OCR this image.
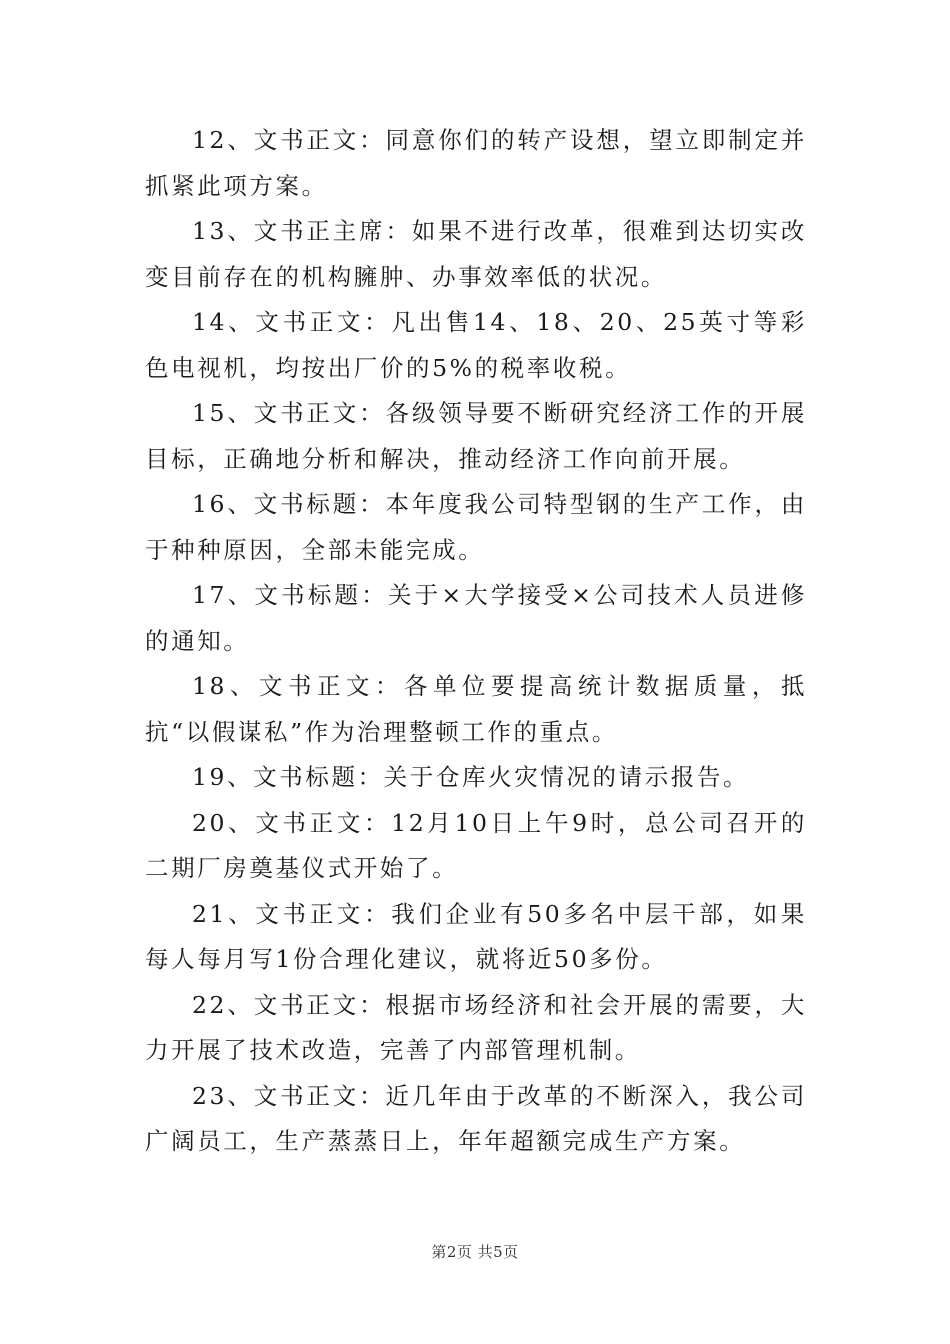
12、文书正文：同意你们的转产设想，望立即制定并抓紧此项方案。

13、文书正主席：如果不进行改革，很难到达切实改变目前存在的机构臃肿、办事效率低的状况。

14、文书正文：凡出售14、18、20、25英寸等彩色电视机，均按出厂价的5%的税率收税。

15、文书正文：各级领导要不断研究经济工作的开展目标，正确地分析和解决，推动经济工作向前开展。

16、文书标题：本年度我公司特型钢的生产工作，由于种种原因，全部未能完成。

17、文书标题：关于×大学接受×公司技术人员进修的通知。

18、文书正文：各单位要提高统计数据质量，抵抗“以假谋私”作为治理整顿工作的重点。

19、文书标题：关于仓库火灾情况的请示报告。

20、文书正文：12月10日上午9时，总公司召开的二期厂房奠基仪式开始了。

21、文书正文：我们企业有50多名中层干部，如果每人每月写1份合理化建议，就将近50多份。

22、文书正文：根据市场经济和社会开展的需要，大力开展了技术改造，完善了内部管理机制。

23、文书正文：近几年由于改革的不断深入，我公司广阔员工，生产蒸蒸日上，年年超额完成生产方案。

第2页 共5页
